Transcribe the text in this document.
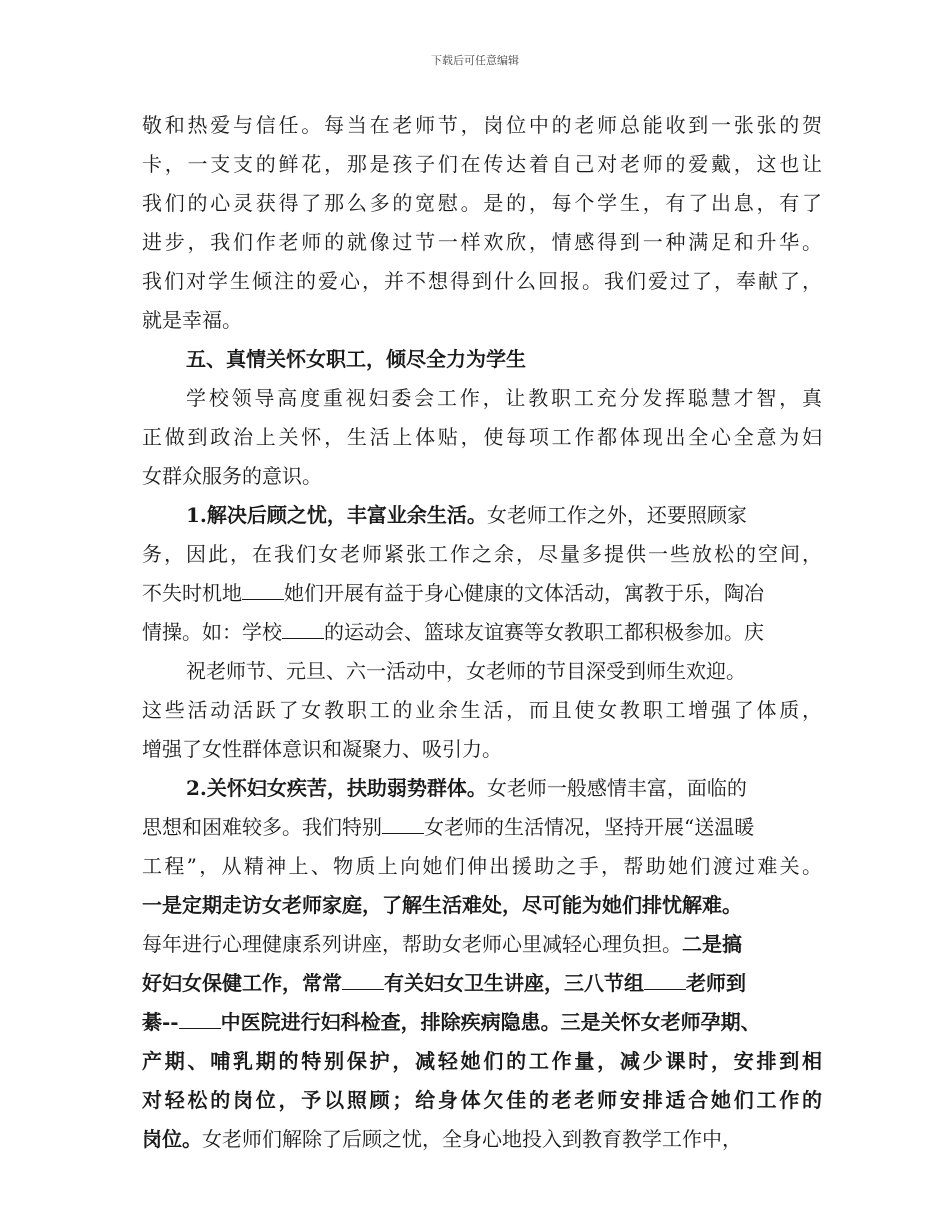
下载后可任意编辑
敬和热爱与信任。每当在老师节，岗位中的老师总能收到一张张的贺
卡，一支支的鲜花，那是孩子们在传达着自己对老师的爱戴，这也让
我们的心灵获得了那么多的宽慰。是的，每个学生，有了出息，有了
进步，我们作老师的就像过节一样欢欣，情感得到一种满足和升华。
我们对学生倾注的爱心，并不想得到什么回报。我们爱过了，奉献了，
就是幸福。
五、真情关怀女职工，倾尽全力为学生
学校领导高度重视妇委会工作，让教职工充分发挥聪慧才智，真
正做到政治上关怀，生活上体贴，使每项工作都体现出全心全意为妇
女群众服务的意识。
1.解决后顾之忧，丰富业余生活。女老师工作之外，还要照顾家
务，因此，在我们女老师紧张工作之余，尽量多提供一些放松的空间，
不失时机地 她们开展有益于身心健康的文体活动，寓教于乐，陶冶
情操。如：学校 的运动会、篮球友谊赛等女教职工都积极参加。庆
祝老师节、元旦、六一活动中，女老师的节目深受到师生欢迎。
这些活动活跃了女教职工的业余生活，而且使女教职工增强了体质，
增强了女性群体意识和凝聚力、吸引力。
2.关怀妇女疾苦，扶助弱势群体。女老师一般感情丰富，面临的
思想和困难较多。我们特别 女老师的生活情况，坚持开展“送温暖
工程”，从精神上、物质上向她们伸出援助之手，帮助她们渡过难关。
一是定期走访女老师家庭，了解生活难处，尽可能为她们排忧解难。
每年进行心理健康系列讲座，帮助女老师心里减轻心理负担。二是搞
好妇女保健工作，常常 有关妇女卫生讲座，三八节组 老师到
綦-- 中医院进行妇科检查，排除疾病隐患。三是关怀女老师孕期、
产期、哺乳期的特别保护，减轻她们的工作量，减少课时，安排到相
对轻松的岗位，予以照顾；给身体欠佳的老老师安排适合她们工作的
岗位。女老师们解除了后顾之忧，全身心地投入到教育教学工作中，
